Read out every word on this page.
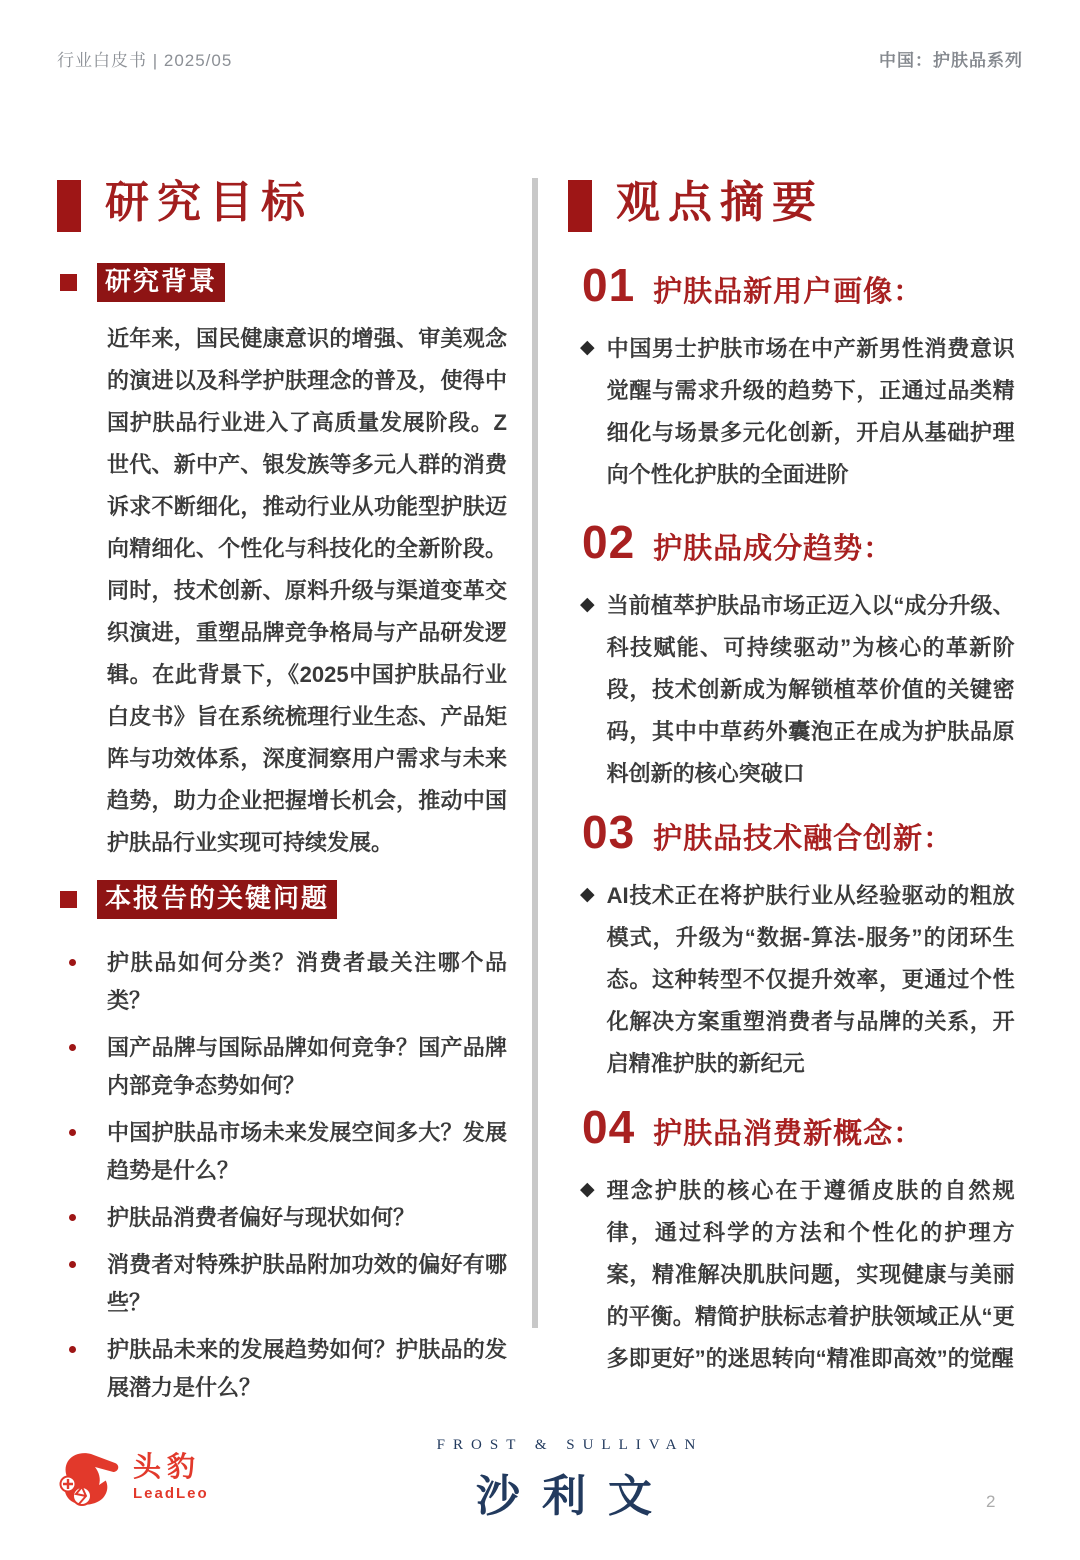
行业白皮书 | 2025/05	中国：护肤品系列
研究目标
研究背景
近年来，国民健康意识的增强、审美观念的演进以及科学护肤理念的普及，使得中国护肤品行业进入了高质量发展阶段。Z世代、新中产、银发族等多元人群的消费诉求不断细化，推动行业从功能型护肤迈向精细化、个性化与科技化的全新阶段。同时，技术创新、原料升级与渠道变革交织演进，重塑品牌竞争格局与产品研发逻辑。在此背景下，《2025中国护肤品行业白皮书》旨在系统梳理行业生态、产品矩阵与功效体系，深度洞察用户需求与未来趋势，助力企业把握增长机会，推动中国护肤品行业实现可持续发展。
本报告的关键问题
护肤品如何分类？消费者最关注哪个品类？
国产品牌与国际品牌如何竞争？国产品牌内部竞争态势如何？
中国护肤品市场未来发展空间多大？发展趋势是什么？
护肤品消费者偏好与现状如何？
消费者对特殊护肤品附加功效的偏好有哪些？
护肤品未来的发展趋势如何？护肤品的发展潜力是什么？
观点摘要
01 护肤品新用户画像：
◆ 中国男士护肤市场在中产新男性消费意识觉醒与需求升级的趋势下，正通过品类精细化与场景多元化创新，开启从基础护理向个性化护肤的全面进阶
02 护肤品成分趋势：
◆ 当前植萃护肤品市场正迈入以“成分升级、科技赋能、可持续驱动”为核心的革新阶段，技术创新成为解锁植萃价值的关键密码，其中中草药外囊泡正在成为护肤品原料创新的核心突破口
03 护肤品技术融合创新：
◆ AI技术正在将护肤行业从经验驱动的粗放模式，升级为“数据-算法-服务”的闭环生态。这种转型不仅提升效率，更通过个性化解决方案重塑消费者与品牌的关系，开启精准护肤的新纪元
04 护肤品消费新概念：
◆ 理念护肤的核心在于遵循皮肤的自然规律，通过科学的方法和个性化的护理方案，精准解决肌肤问题，实现健康与美丽的平衡。精简护肤标志着护肤领域正从“更多即更好”的迷思转向“精准即高效”的觉醒
头豹
LeadLeo
FROST & SULLIVAN
沙利文	2
